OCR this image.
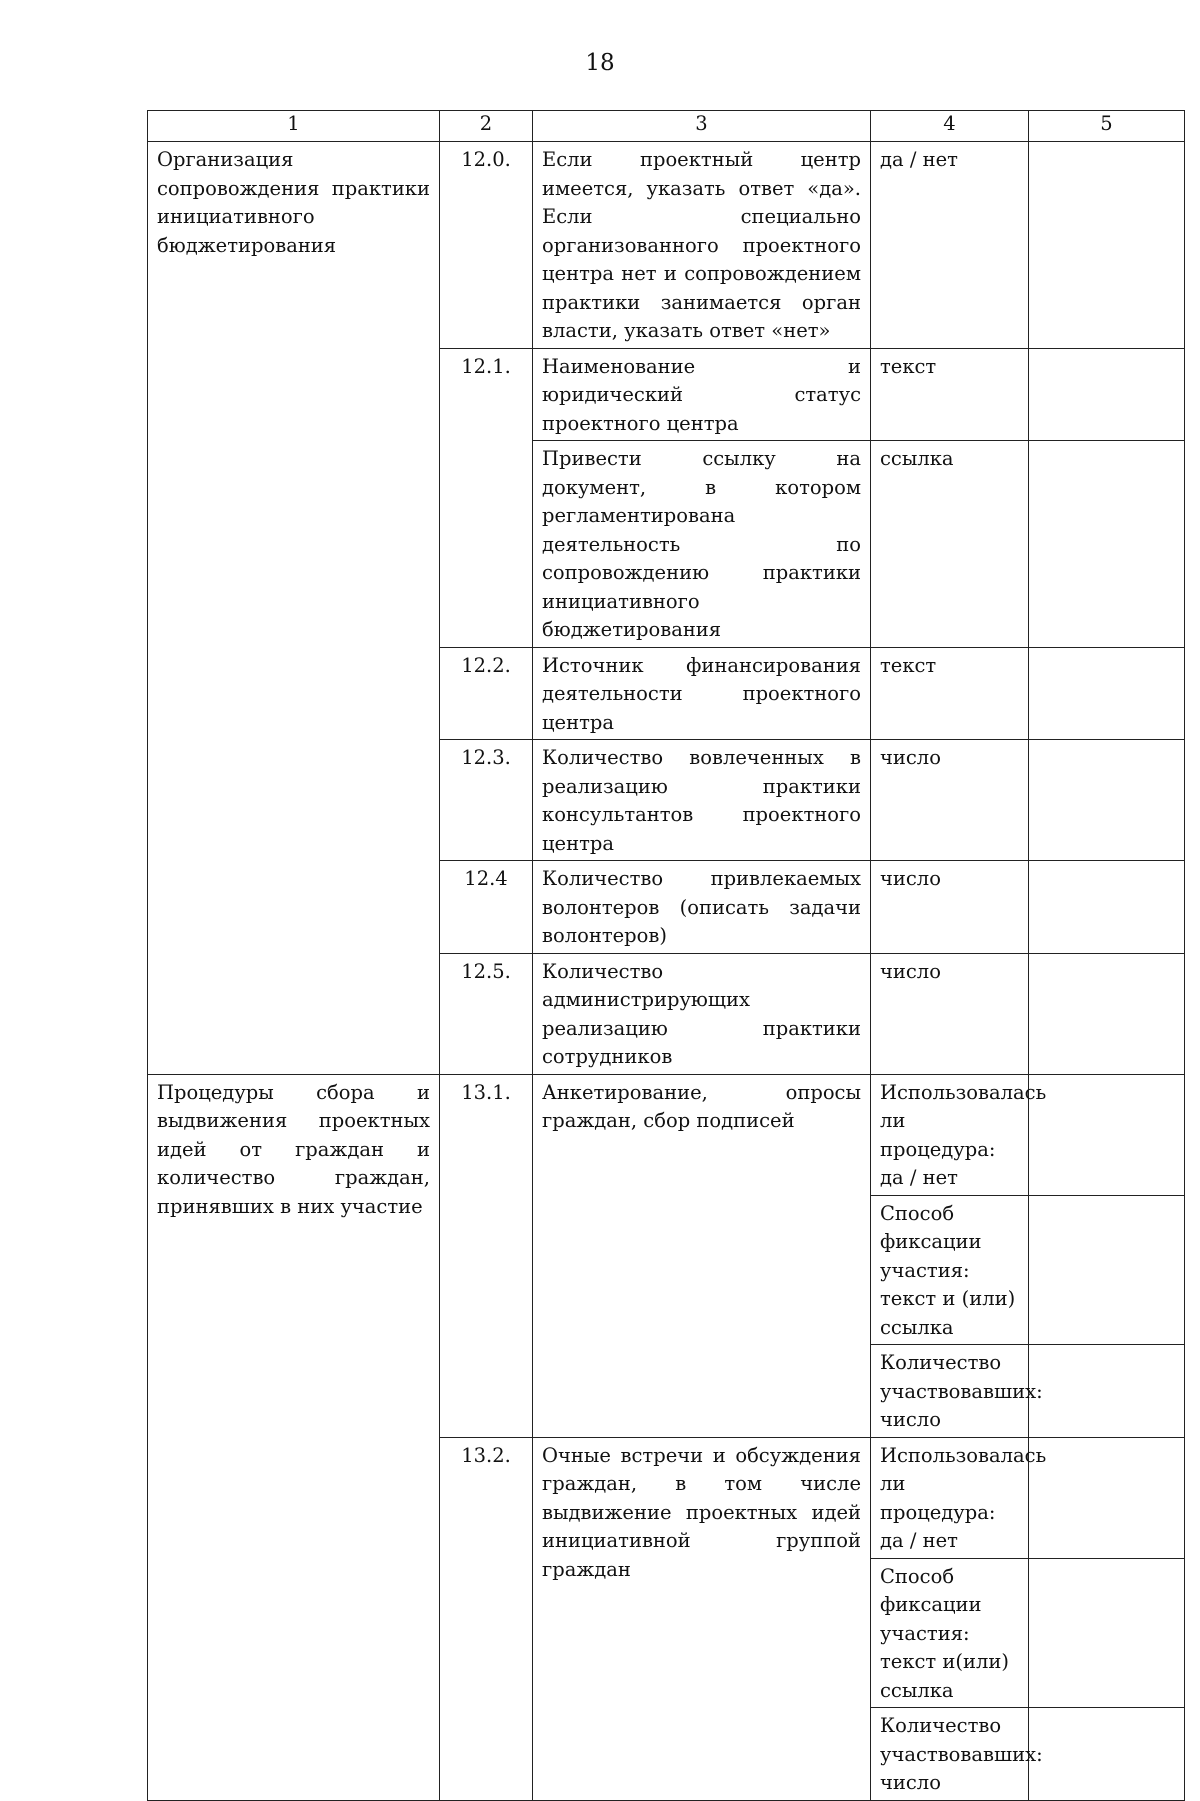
18
1	2	3	4	5
Организация сопровождения практики инициативного бюджетирования	12.0.	Если проектный центр имеется, указать ответ «да». Если специально организованного проектного центра нет и сопровождением практики занимается орган власти, указать ответ «нет»	да / нет	
	12.1.	Наименование и юридический статус проектного центра	текст	
		Привести ссылку на документ, в котором регламентирована деятельность по сопровождению практики инициативного бюджетирования	ссылка	
	12.2.	Источник финансирования деятельности проектного центра	текст	
	12.3.	Количество вовлеченных в реализацию практики консультантов проектного центра	число	
	12.4	Количество привлекаемых волонтеров (описать задачи волонтеров)	число	
	12.5.	Количество администрирующих реализацию практики сотрудников	число	
Процедуры сбора и выдвижения проектных идей от граждан и количество граждан, принявших в них участие	13.1.	Анкетирование, опросы граждан, сбор подписей	Использовалась ли процедура: да / нет	
			Способ фиксации участия: текст и (или) ссылка	
			Количество участвовавших: число	
	13.2.	Очные встречи и обсуждения граждан, в том числе выдвижение проектных идей инициативной группой граждан	Использовалась ли процедура: да / нет	
			Способ фиксации участия: текст и(или) ссылка	
			Количество участвовавших: число	
